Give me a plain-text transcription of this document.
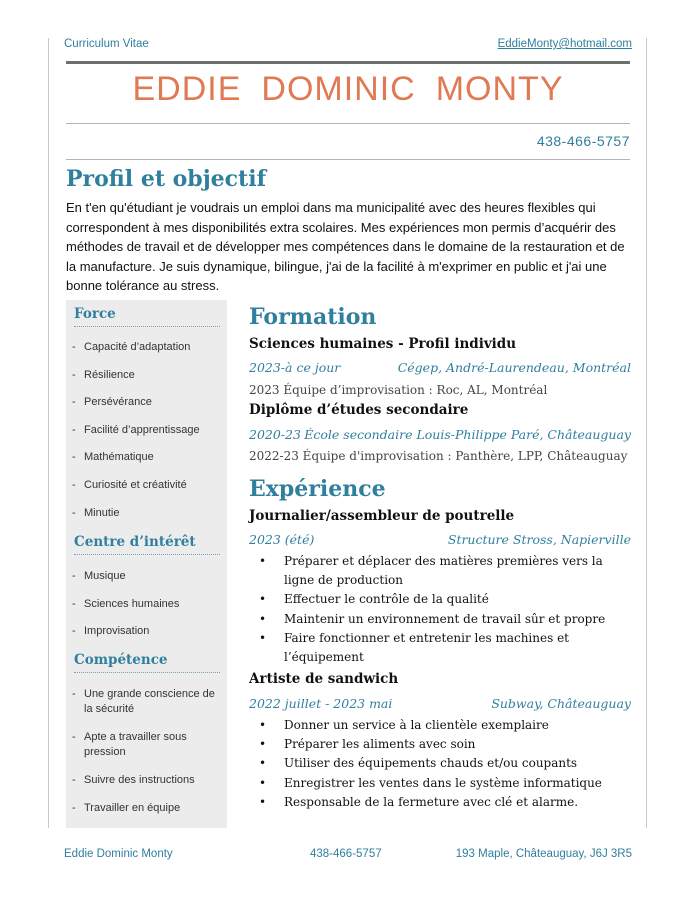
Curriculum Vitae	EddieMonty@hotmail.com
EDDIE DOMINIC MONTY
438-466-5757
Profil et objectif

En t'en qu'étudiant je voudrais un emploi dans ma municipalité avec des heures flexibles qui correspondent à mes disponibilités extra scolaires. Mes expériences mon permis d’acquérir des méthodes de travail et de développer mes compétences dans le domaine de la restauration et de la manufacture. Je suis dynamique, bilingue, j'ai de la facilité à m'exprimer en public et j'ai une bonne tolérance au stress.

Force
- Capacité d’adaptation
- Résilience
- Persévérance
- Facilité d’apprentissage
- Mathématique
- Curiosité et créativité
- Minutie
Centre d’intérêt
- Musique
- Sciences humaines
- Improvisation
Compétence
- Une grande conscience de la sécurité
- Apte a travailler sous pression
- Suivre des instructions
- Travailler en équipe
Formation
Sciences humaines - Profil individu
2023-à ce jour	Cégep, André-Laurendeau, Montréal

2023 Équipe d’improvisation : Roc, AL, Montréal

Diplôme d’études secondaire
2020-23 École secondaire Louis-Philippe Paré, Châteauguay

2022-23 Équipe d'improvisation : Panthère, LPP, Châteauguay

Expérience
Journalier/assembleur de poutrelle
2023 (été)	Structure Stross, Napierville
• Préparer et déplacer des matières premières vers la ligne de production
• Effectuer le contrôle de la qualité
• Maintenir un environnement de travail sûr et propre
• Faire fonctionner et entretenir les machines et l’équipement
Artiste de sandwich
2022 juillet - 2023 mai	Subway, Châteauguay
• Donner un service à la clientèle exemplaire
• Préparer les aliments avec soin
• Utiliser des équipements chauds et/ou coupants
• Enregistrer les ventes dans le système informatique
• Responsable de la fermeture avec clé et alarme.
Eddie Dominic Monty	438-466-5757	193 Maple, Châteauguay, J6J 3R5
